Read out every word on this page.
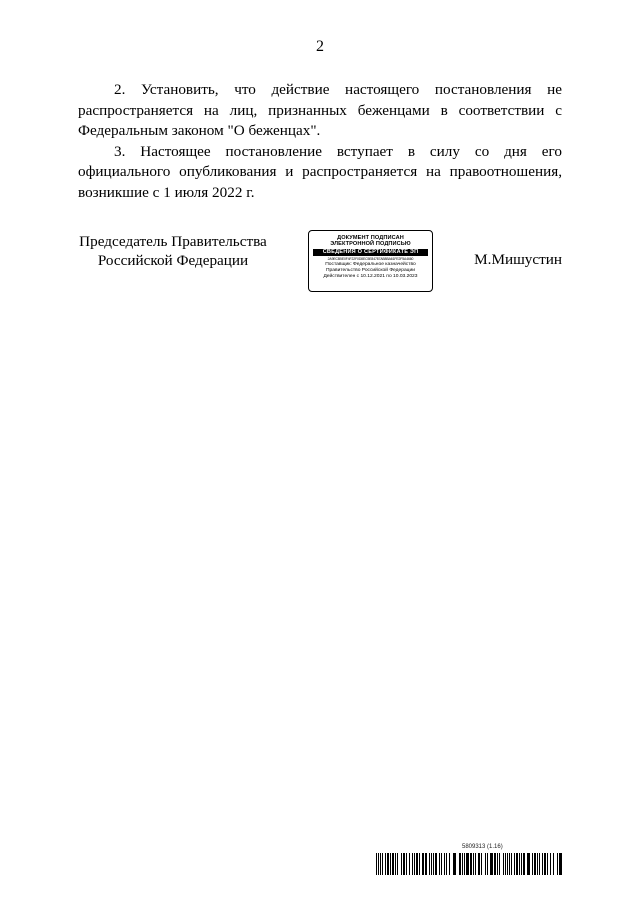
2

2. Установить, что действие настоящего постановления не распространяется на лиц, признанных беженцами в соответствии с Федеральным законом "О беженцах".

3. Настоящее постановление вступает в силу со дня его официального опубликования и распространяется на правоотношения, возникшие с 1 июля 2022 г.

Председатель Правительства
Российской Федерации
ДОКУМЕНТ ПОДПИСАН
ЭЛЕКТРОННОЙ ПОДПИСЬЮ
СВЕДЕНИЯ О СЕРТИФИКАТЕ ЭП
2A9ECB5E0F4F22F0D8EC5E84787AB8BA61FE2F5A4660
Поставщик: Федеральное казначейство
Правительство Российской Федерации
Действителен с 10.12.2021 по 10.03.2023
М.Мишустин
5809313 (1.16)
